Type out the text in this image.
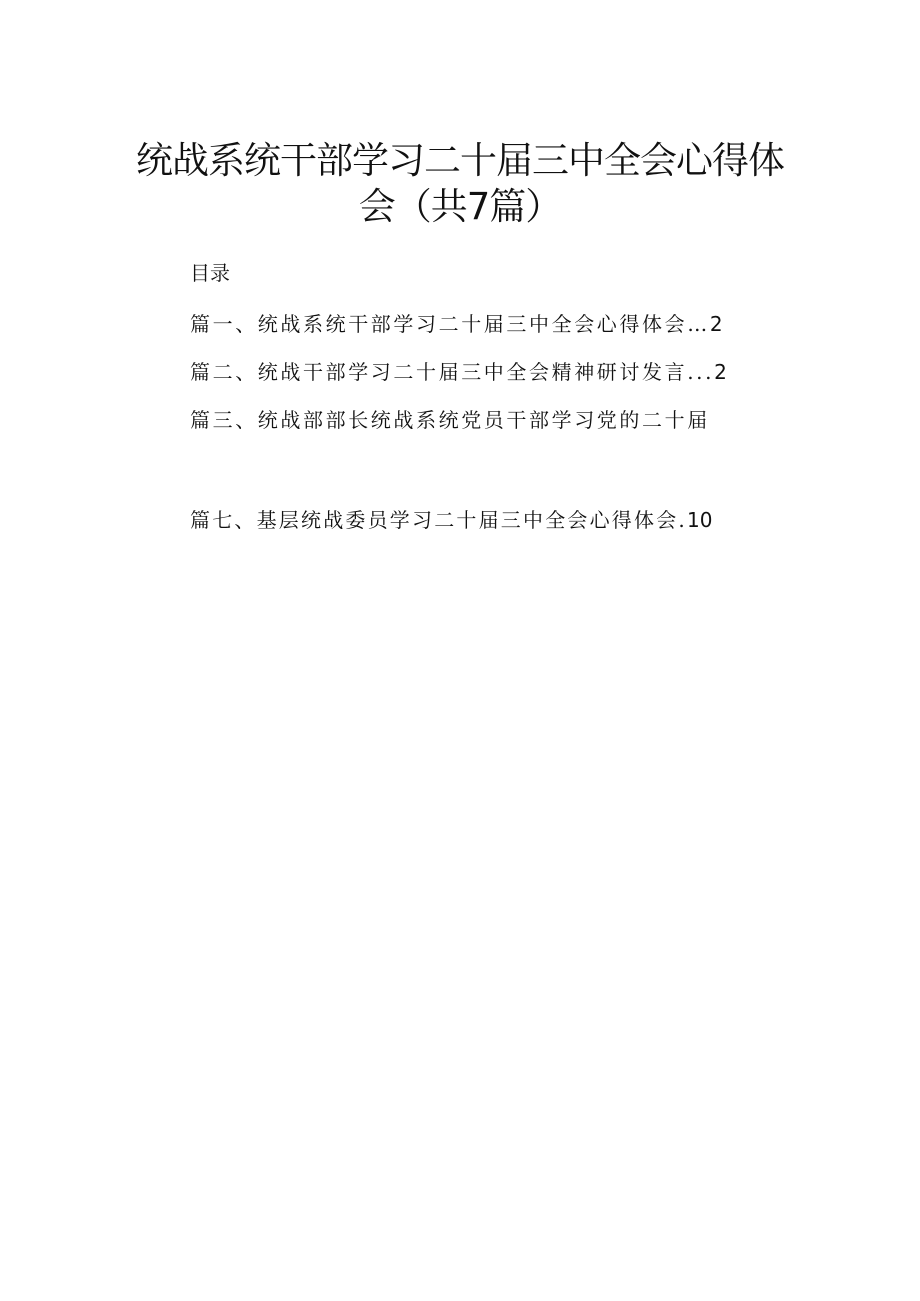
统战系统干部学习二十届三中全会心得体
会（共7篇）
目录
篇一、统战系统干部学习二十届三中全会心得体会…2
篇二、统战干部学习二十届三中全会精神研讨发言...2
篇三、统战部部长统战系统党员干部学习党的二十届
篇七、基层统战委员学习二十届三中全会心得体会.10
